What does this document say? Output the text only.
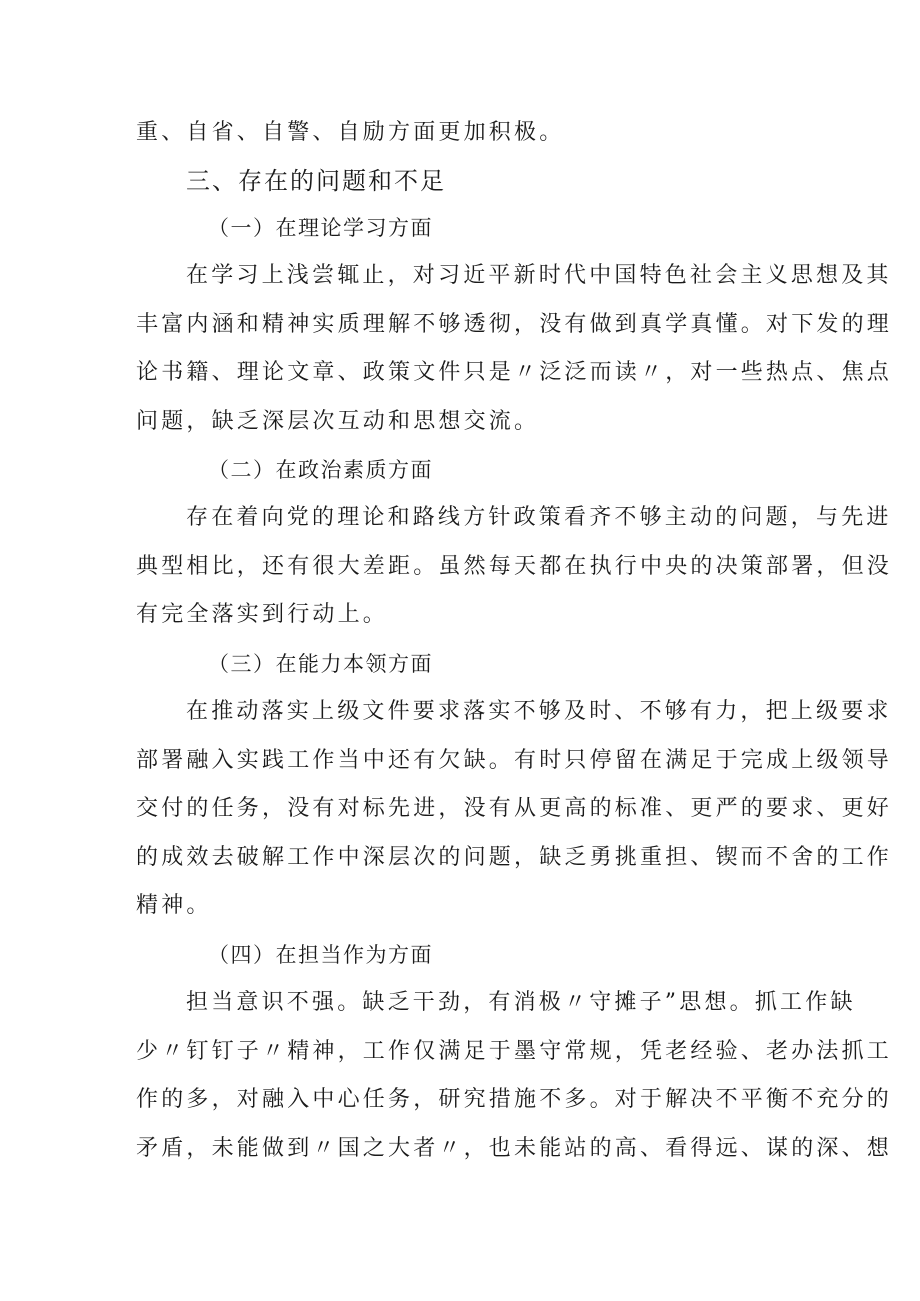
重、自省、自警、自励方面更加积极。
三、存在的问题和不足
（一）在理论学习方面
在学习上浅尝辄止，对习近平新时代中国特色社会主义思想及其
丰富内涵和精神实质理解不够透彻，没有做到真学真懂。对下发的理
论书籍、理论文章、政策文件只是〃泛泛而读〃，对一些热点、焦点
问题，缺乏深层次互动和思想交流。
（二）在政治素质方面
存在着向党的理论和路线方针政策看齐不够主动的问题，与先进
典型相比，还有很大差距。虽然每天都在执行中央的决策部署，但没
有完全落实到行动上。
（三）在能力本领方面
在推动落实上级文件要求落实不够及时、不够有力，把上级要求
部署融入实践工作当中还有欠缺。有时只停留在满足于完成上级领导
交付的任务，没有对标先进，没有从更高的标准、更严的要求、更好
的成效去破解工作中深层次的问题，缺乏勇挑重担、锲而不舍的工作
精神。
（四）在担当作为方面
担当意识不强。缺乏干劲，有消极〃守摊子”思想。抓工作缺
少〃钉钉子〃精神，工作仅满足于墨守常规，凭老经验、老办法抓工
作的多，对融入中心任务，研究措施不多。对于解决不平衡不充分的
矛盾，未能做到〃国之大者〃，也未能站的高、看得远、谋的深、想
